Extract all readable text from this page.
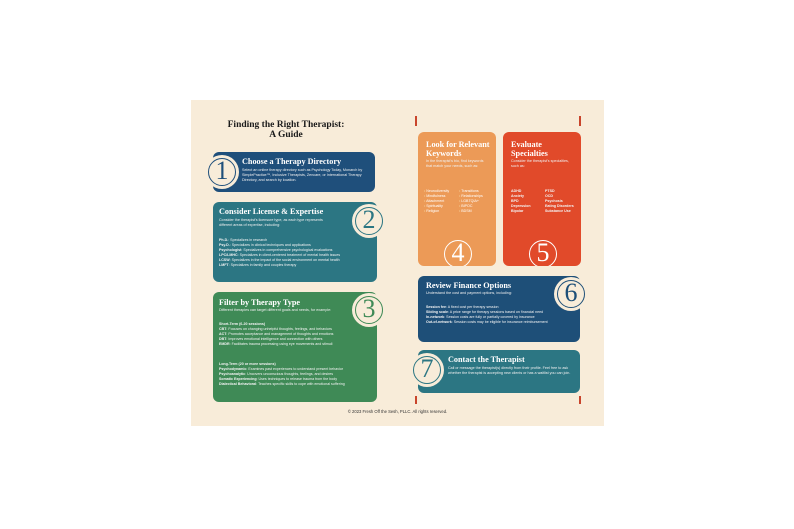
Finding the Right Therapist:
A Guide
Choose a Therapy Directory
Select an online therapy directory such as Psychology Today, Monarch by SimplePractice™, Inclusive Therapists, Zencare, or International Therapy Directory, and search by location.
1
Consider License & Expertise
Consider the therapist's licensure type, as each type represents different areas of expertise, including:
Ph.D.: Specializes in research
Psy.D.: Specializes in clinical techniques and applications
Psychologist: Specializes in comprehensive psychological evaluations
LPC/LMHC: Specializes in client-centered treatment of mental health issues
LCSW: Specializes in the impact of the social environment on mental health
LMFT: Specializes in family and couples therapy
2
Filter by Therapy Type
Different therapies can target different goals and needs, for example:
Short-Term (6-20 sessions)
CBT: Focuses on changing unhelpful thoughts, feelings, and behaviors
ACT: Promotes acceptance and management of thoughts and emotions
DBT: Improves emotional intelligence and connection with others
EMDR: Facilitates trauma processing using eye movements and stimuli
Long-Term (20 or more sessions)
Psychodynamic: Examines past experiences to understand present behavior
Psychoanalytic: Uncovers unconscious thoughts, feelings, and desires
Somatic Experiencing: Uses techniques to release trauma from the body
Dialectical Behavioral: Teaches specific skills to cope with emotional suffering
3
Look for Relevant
Keywords
In the therapist's bio, find keywords that match your needs, such as:
• Neurodiversity
• Mindfulness
• Attachment
• Spirituality
• Religion
• Transitions
• Relationships
• LGBTQIA+
• BIPOC
• BDSM
4
Evaluate
Specialties
Consider the therapist's specialties, such as:
ADHD
Anxiety
BPD
Depression
Bipolar
PTSD
OCD
Psychosis
Eating Disorders
Substance Use
5
Review Finance Options
Understand the cost and payment options, including:
Session fee: A fixed cost per therapy session
Sliding scale: A price range for therapy sessions based on financial need
In-network: Session costs are fully or partially covered by insurance
Out-of-network: Session costs may be eligible for insurance reimbursement
6
Contact the Therapist
Call or message the therapist(s) directly from their profile. Feel free to ask whether the therapist is accepting new clients or has a waitlist you can join.
7
© 2023 Fresh Off the Sesh, PLLC. All rights reserved.
